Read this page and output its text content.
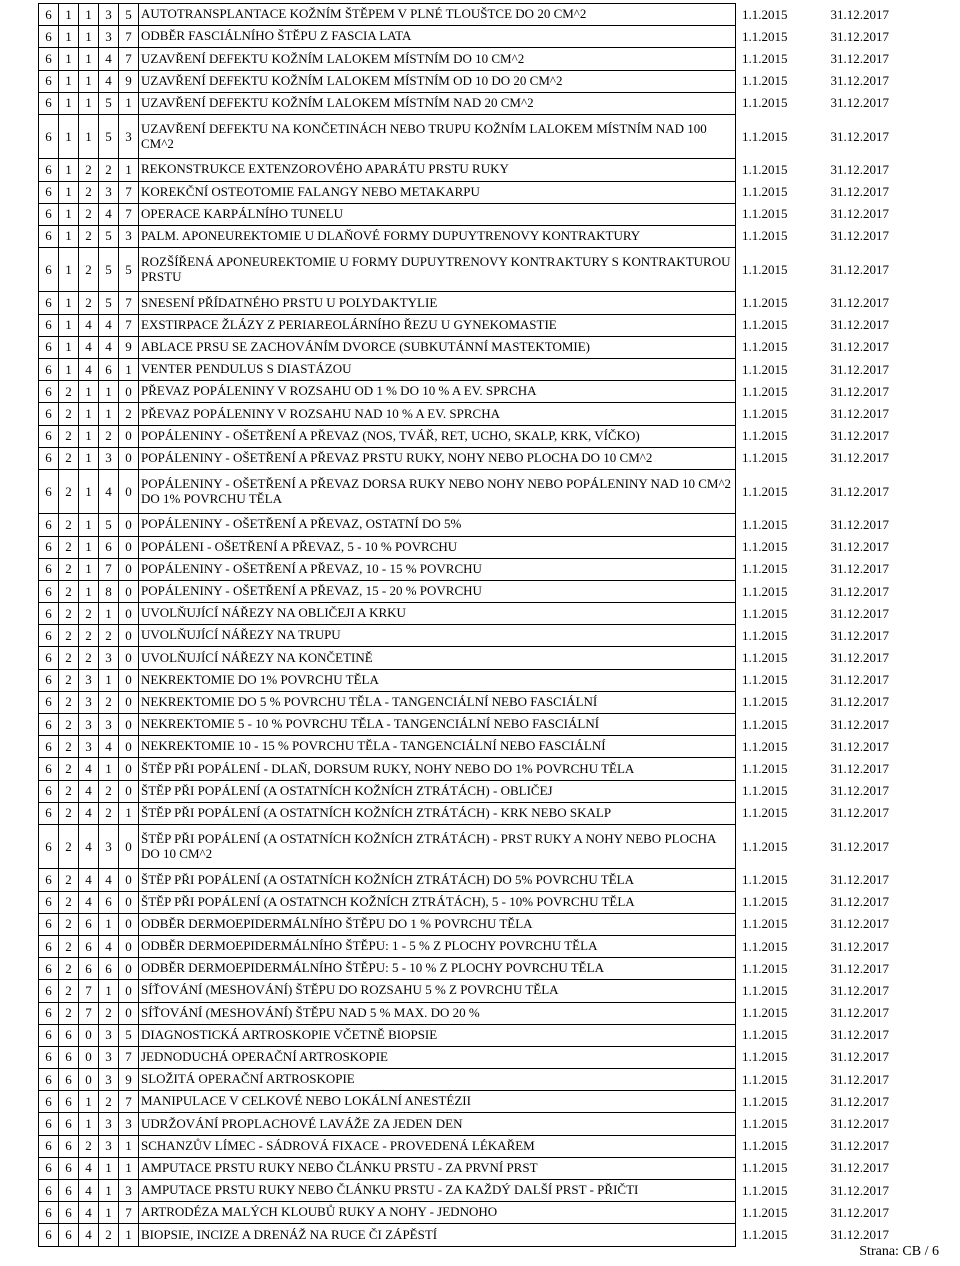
6	1	1	3	5	AUTOTRANSPLANTACE KOŽNÍM ŠTĚPEM V PLNÉ TLOUŠTCE DO 20 CM^2	1.1.2015	31.12.2017
6	1	1	3	7	ODBĚR FASCIÁLNÍHO ŠTĚPU Z FASCIA LATA	1.1.2015	31.12.2017
6	1	1	4	7	UZAVŘENÍ DEFEKTU KOŽNÍM LALOKEM MÍSTNÍM DO 10 CM^2	1.1.2015	31.12.2017
6	1	1	4	9	UZAVŘENÍ DEFEKTU KOŽNÍM LALOKEM MÍSTNÍM OD 10 DO 20 CM^2	1.1.2015	31.12.2017
6	1	1	5	1	UZAVŘENÍ DEFEKTU KOŽNÍM LALOKEM MÍSTNÍM NAD 20 CM^2	1.1.2015	31.12.2017
6	1	1	5	3	UZAVŘENÍ DEFEKTU NA KONČETINÁCH NEBO TRUPU KOŽNÍM LALOKEM MÍSTNÍM NAD 100 CM^2	1.1.2015	31.12.2017
6	1	2	2	1	REKONSTRUKCE EXTENZOROVÉHO APARÁTU PRSTU RUKY	1.1.2015	31.12.2017
6	1	2	3	7	KOREKČNÍ OSTEOTOMIE FALANGY NEBO METAKARPU	1.1.2015	31.12.2017
6	1	2	4	7	OPERACE KARPÁLNÍHO TUNELU	1.1.2015	31.12.2017
6	1	2	5	3	PALM. APONEUREKTOMIE U DLAŇOVÉ FORMY DUPUYTRENOVY KONTRAKTURY	1.1.2015	31.12.2017
6	1	2	5	5	ROZŠÍŘENÁ APONEUREKTOMIE U FORMY DUPUYTRENOVY KONTRAKTURY S KONTRAKTUROU PRSTU	1.1.2015	31.12.2017
6	1	2	5	7	SNESENÍ PŘÍDATNÉHO PRSTU U POLYDAKTYLIE	1.1.2015	31.12.2017
6	1	4	4	7	EXSTIRPACE ŽLÁZY Z PERIAREOLÁRNÍHO ŘEZU U GYNEKOMASTIE	1.1.2015	31.12.2017
6	1	4	4	9	ABLACE PRSU SE ZACHOVÁNÍM DVORCE (SUBKUTÁNNÍ MASTEKTOMIE)	1.1.2015	31.12.2017
6	1	4	6	1	VENTER PENDULUS S DIASTÁZOU	1.1.2015	31.12.2017
6	2	1	1	0	PŘEVAZ POPÁLENINY V ROZSAHU OD 1 % DO 10 % A EV. SPRCHA	1.1.2015	31.12.2017
6	2	1	1	2	PŘEVAZ POPÁLENINY V ROZSAHU NAD 10 % A EV. SPRCHA	1.1.2015	31.12.2017
6	2	1	2	0	POPÁLENINY - OŠETŘENÍ A PŘEVAZ (NOS, TVÁŘ, RET, UCHO, SKALP, KRK, VÍČKO)	1.1.2015	31.12.2017
6	2	1	3	0	POPÁLENINY - OŠETŘENÍ A PŘEVAZ PRSTU RUKY, NOHY NEBO PLOCHA DO 10 CM^2	1.1.2015	31.12.2017
6	2	1	4	0	POPÁLENINY - OŠETŘENÍ A PŘEVAZ DORSA RUKY NEBO NOHY NEBO POPÁLENINY NAD 10 CM^2 DO 1% POVRCHU TĚLA	1.1.2015	31.12.2017
6	2	1	5	0	POPÁLENINY - OŠETŘENÍ A PŘEVAZ, OSTATNÍ DO 5%	1.1.2015	31.12.2017
6	2	1	6	0	POPÁLENI - OŠETŘENÍ A PŘEVAZ, 5 - 10 % POVRCHU	1.1.2015	31.12.2017
6	2	1	7	0	POPÁLENINY - OŠETŘENÍ A PŘEVAZ, 10 - 15 % POVRCHU	1.1.2015	31.12.2017
6	2	1	8	0	POPÁLENINY - OŠETŘENÍ A PŘEVAZ, 15 - 20 % POVRCHU	1.1.2015	31.12.2017
6	2	2	1	0	UVOLŇUJÍCÍ NÁŘEZY NA OBLIČEJI A KRKU	1.1.2015	31.12.2017
6	2	2	2	0	UVOLŇUJÍCÍ NÁŘEZY NA TRUPU	1.1.2015	31.12.2017
6	2	2	3	0	UVOLŇUJÍCÍ NÁŘEZY NA KONČETINĚ	1.1.2015	31.12.2017
6	2	3	1	0	NEKREKTOMIE DO 1% POVRCHU TĚLA	1.1.2015	31.12.2017
6	2	3	2	0	NEKREKTOMIE DO 5 % POVRCHU TĚLA - TANGENCIÁLNÍ NEBO FASCIÁLNÍ	1.1.2015	31.12.2017
6	2	3	3	0	NEKREKTOMIE 5 - 10 % POVRCHU TĚLA - TANGENCIÁLNÍ NEBO FASCIÁLNÍ	1.1.2015	31.12.2017
6	2	3	4	0	NEKREKTOMIE 10 - 15 % POVRCHU TĚLA - TANGENCIÁLNÍ NEBO FASCIÁLNÍ	1.1.2015	31.12.2017
6	2	4	1	0	ŠTĚP PŘI POPÁLENÍ - DLAŇ, DORSUM RUKY, NOHY NEBO DO 1% POVRCHU TĚLA	1.1.2015	31.12.2017
6	2	4	2	0	ŠTĚP PŘI POPÁLENÍ (A OSTATNÍCH KOŽNÍCH ZTRÁTÁCH) - OBLIČEJ	1.1.2015	31.12.2017
6	2	4	2	1	ŠTĚP PŘI POPÁLENÍ (A OSTATNÍCH KOŽNÍCH ZTRÁTÁCH) - KRK NEBO SKALP	1.1.2015	31.12.2017
6	2	4	3	0	ŠTĚP PŘI POPÁLENÍ (A OSTATNÍCH KOŽNÍCH ZTRÁTÁCH) - PRST RUKY A NOHY NEBO PLOCHA DO 10 CM^2	1.1.2015	31.12.2017
6	2	4	4	0	ŠTĚP PŘI POPÁLENÍ (A OSTATNÍCH KOŽNÍCH ZTRÁTÁCH) DO 5% POVRCHU TĚLA	1.1.2015	31.12.2017
6	2	4	6	0	ŠTĚP PŘI POPÁLENÍ (A OSTATNCH KOŽNÍCH ZTRÁTÁCH), 5 - 10% POVRCHU TĚLA	1.1.2015	31.12.2017
6	2	6	1	0	ODBĚR DERMOEPIDERMÁLNÍHO ŠTĚPU DO 1 % POVRCHU TĚLA	1.1.2015	31.12.2017
6	2	6	4	0	ODBĚR DERMOEPIDERMÁLNÍHO ŠTĚPU: 1 - 5 % Z PLOCHY POVRCHU TĚLA	1.1.2015	31.12.2017
6	2	6	6	0	ODBĚR DERMOEPIDERMÁLNÍHO ŠTĚPU: 5 - 10 % Z PLOCHY POVRCHU TĚLA	1.1.2015	31.12.2017
6	2	7	1	0	SÍŤOVÁNÍ (MESHOVÁNÍ) ŠTĚPU DO ROZSAHU 5 % Z POVRCHU TĚLA	1.1.2015	31.12.2017
6	2	7	2	0	SÍŤOVÁNÍ (MESHOVÁNÍ) ŠTĚPU NAD 5 % MAX. DO 20 %	1.1.2015	31.12.2017
6	6	0	3	5	DIAGNOSTICKÁ ARTROSKOPIE VČETNĚ BIOPSIE	1.1.2015	31.12.2017
6	6	0	3	7	JEDNODUCHÁ OPERAČNÍ ARTROSKOPIE	1.1.2015	31.12.2017
6	6	0	3	9	SLOŽITÁ OPERAČNÍ ARTROSKOPIE	1.1.2015	31.12.2017
6	6	1	2	7	MANIPULACE V CELKOVÉ NEBO LOKÁLNÍ ANESTÉZII	1.1.2015	31.12.2017
6	6	1	3	3	UDRŽOVÁNÍ PROPLACHOVÉ LAVÁŽE ZA JEDEN DEN	1.1.2015	31.12.2017
6	6	2	3	1	SCHANZŮV LÍMEC - SÁDROVÁ FIXACE - PROVEDENÁ LÉKAŘEM	1.1.2015	31.12.2017
6	6	4	1	1	AMPUTACE PRSTU RUKY NEBO ČLÁNKU PRSTU - ZA PRVNÍ PRST	1.1.2015	31.12.2017
6	6	4	1	3	AMPUTACE PRSTU RUKY NEBO ČLÁNKU PRSTU - ZA KAŽDÝ DALŠÍ PRST - PŘIČTI	1.1.2015	31.12.2017
6	6	4	1	7	ARTRODÉZA MALÝCH KLOUBŮ RUKY A NOHY - JEDNOHO	1.1.2015	31.12.2017
6	6	4	2	1	BIOPSIE, INCIZE A DRENÁŽ NA RUCE ČI ZÁPĚSTÍ	1.1.2015	31.12.2017
Strana: CB / 6
